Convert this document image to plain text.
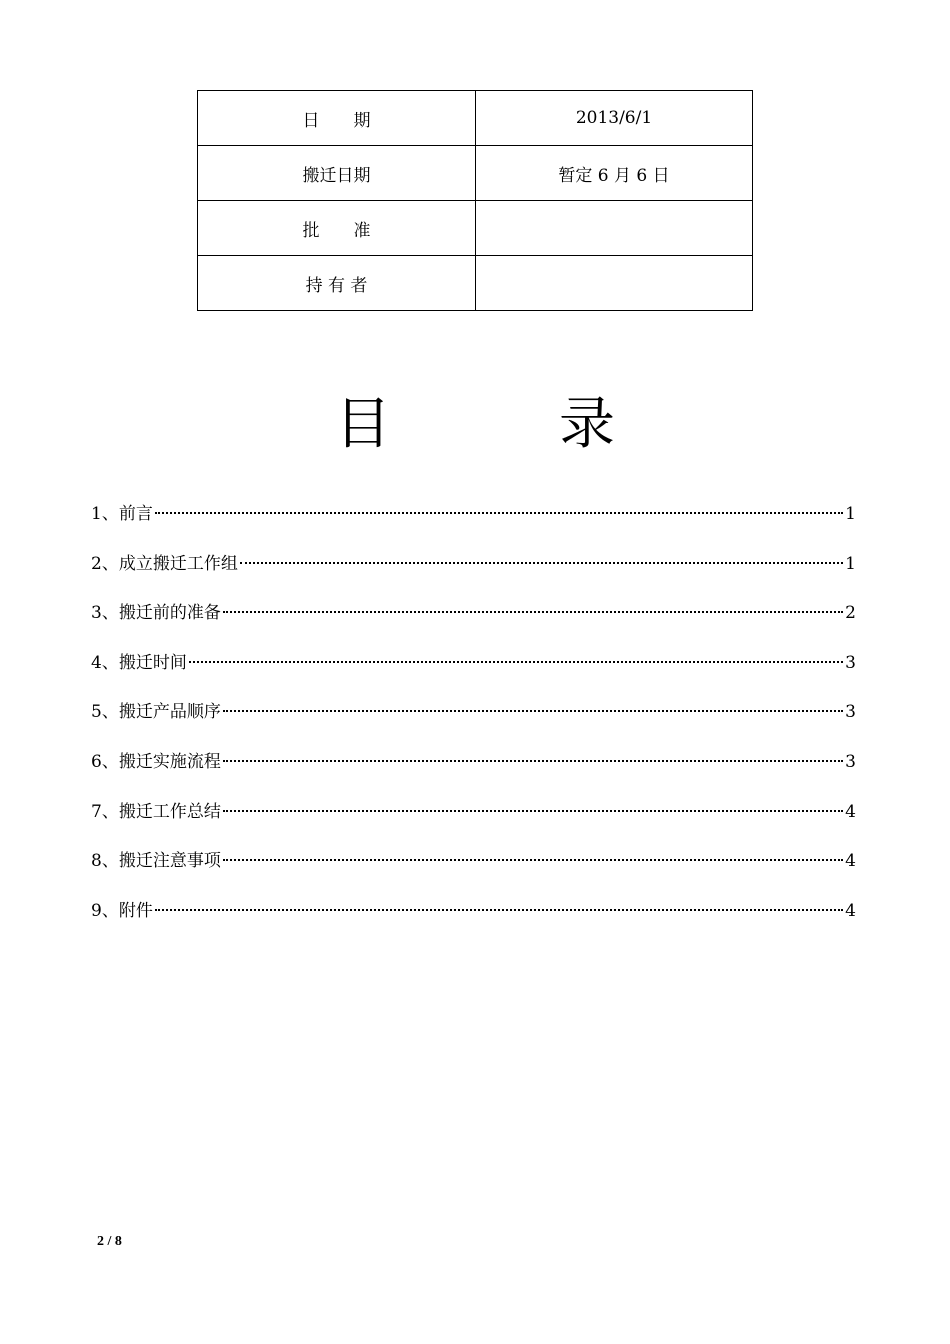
日　　期	2013/6/1
搬迁日期	暂定 6 月 6 日
批　　准	
持 有 者	
目　　　录
1、前言	1
2、成立搬迁工作组	1
3、搬迁前的准备	2
4、搬迁时间	3
5、搬迁产品顺序	3
6、搬迁实施流程	3
7、搬迁工作总结	4
8、搬迁注意事项	4
9、附件	4
2 / 8
